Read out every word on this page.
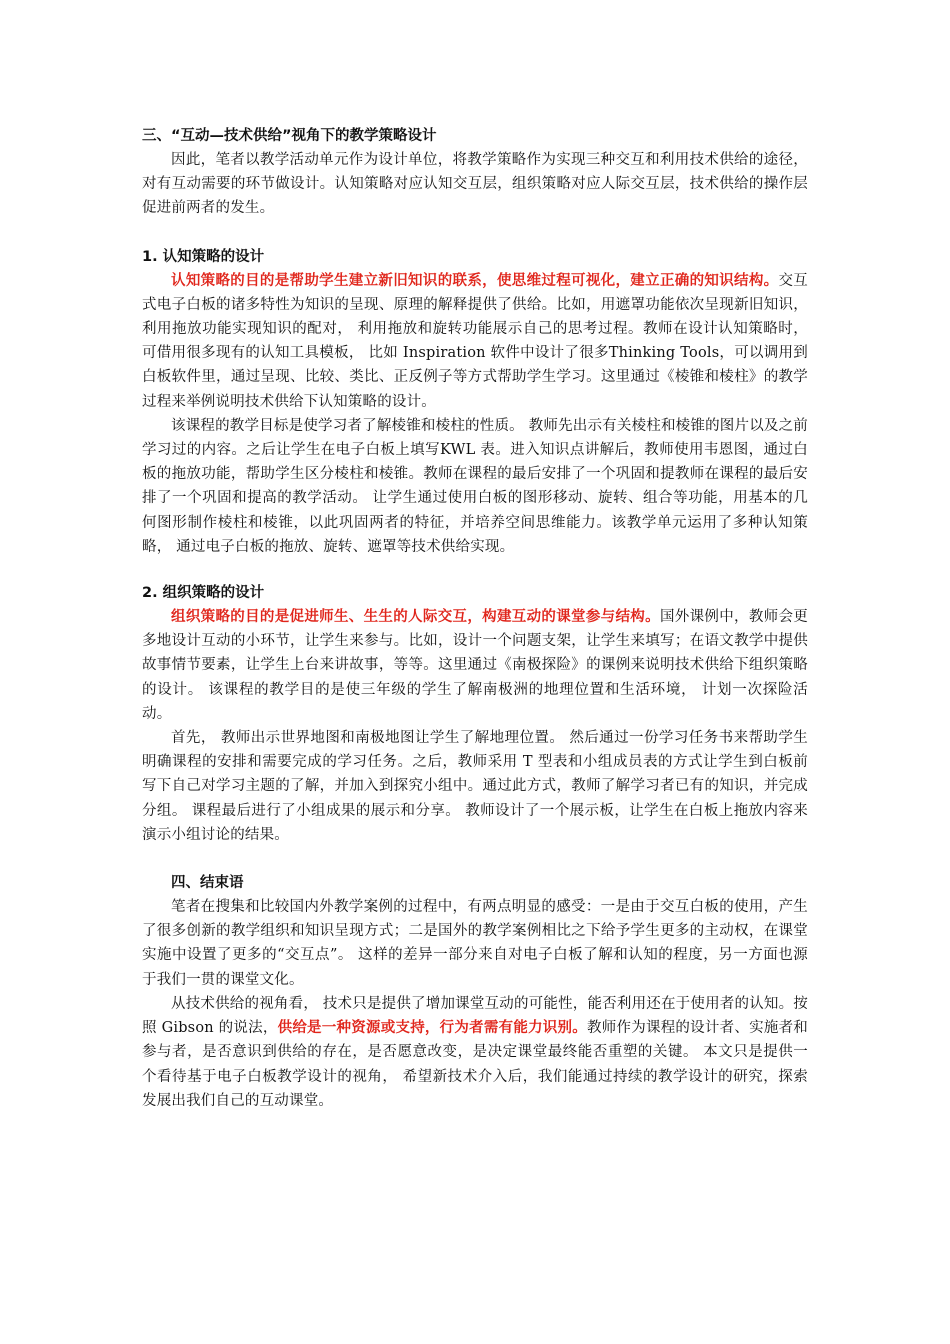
三、“互动—技术供给”视角下的教学策略设计

因此，笔者以教学活动单元作为设计单位，将教学策略作为实现三种交互和利用技术供给的途径，对有互动需要的环节做设计。认知策略对应认知交互层，组织策略对应人际交互层，技术供给的操作层促进前两者的发生。

1. 认知策略的设计

认知策略的目的是帮助学生建立新旧知识的联系，使思维过程可视化，建立正确的知识结构。交互式电子白板的诸多特性为知识的呈现、原理的解释提供了供给。比如，用遮罩功能依次呈现新旧知识，利用拖放功能实现知识的配对， 利用拖放和旋转功能展示自己的思考过程。教师在设计认知策略时， 可借用很多现有的认知工具模板， 比如 Inspiration 软件中设计了很多Thinking Tools，可以调用到白板软件里，通过呈现、比较、类比、正反例子等方式帮助学生学习。这里通过《棱锥和棱柱》的教学过程来举例说明技术供给下认知策略的设计。

该课程的教学目标是使学习者了解棱锥和棱柱的性质。 教师先出示有关棱柱和棱锥的图片以及之前学习过的内容。之后让学生在电子白板上填写KWL 表。进入知识点讲解后，教师使用韦恩图，通过白板的拖放功能，帮助学生区分棱柱和棱锥。教师在课程的最后安排了一个巩固和提教师在课程的最后安排了一个巩固和提高的教学活动。 让学生通过使用白板的图形移动、旋转、组合等功能，用基本的几何图形制作棱柱和棱锥，以此巩固两者的特征，并培养空间思维能力。该教学单元运用了多种认知策略， 通过电子白板的拖放、旋转、遮罩等技术供给实现。

2. 组织策略的设计

组织策略的目的是促进师生、生生的人际交互，构建互动的课堂参与结构。国外课例中，教师会更多地设计互动的小环节，让学生来参与。比如，设计一个问题支架，让学生来填写；在语文教学中提供故事情节要素，让学生上台来讲故事，等等。这里通过《南极探险》的课例来说明技术供给下组织策略的设计。 该课程的教学目的是使三年级的学生了解南极洲的地理位置和生活环境， 计划一次探险活动。

首先， 教师出示世界地图和南极地图让学生了解地理位置。 然后通过一份学习任务书来帮助学生明确课程的安排和需要完成的学习任务。之后，教师采用 T 型表和小组成员表的方式让学生到白板前写下自己对学习主题的了解，并加入到探究小组中。通过此方式，教师了解学习者已有的知识，并完成分组。 课程最后进行了小组成果的展示和分享。 教师设计了一个展示板，让学生在白板上拖放内容来演示小组讨论的结果。

四、结束语

笔者在搜集和比较国内外教学案例的过程中，有两点明显的感受：一是由于交互白板的使用，产生了很多创新的教学组织和知识呈现方式；二是国外的教学案例相比之下给予学生更多的主动权，在课堂实施中设置了更多的“交互点”。 这样的差异一部分来自对电子白板了解和认知的程度，另一方面也源于我们一贯的课堂文化。

从技术供给的视角看， 技术只是提供了增加课堂互动的可能性，能否利用还在于使用者的认知。按照 Gibson 的说法，供给是一种资源或支持，行为者需有能力识别。教师作为课程的设计者、实施者和参与者，是否意识到供给的存在，是否愿意改变，是决定课堂最终能否重塑的关键。 本文只是提供一个看待基于电子白板教学设计的视角， 希望新技术介入后，我们能通过持续的教学设计的研究，探索发展出我们自己的互动课堂。
